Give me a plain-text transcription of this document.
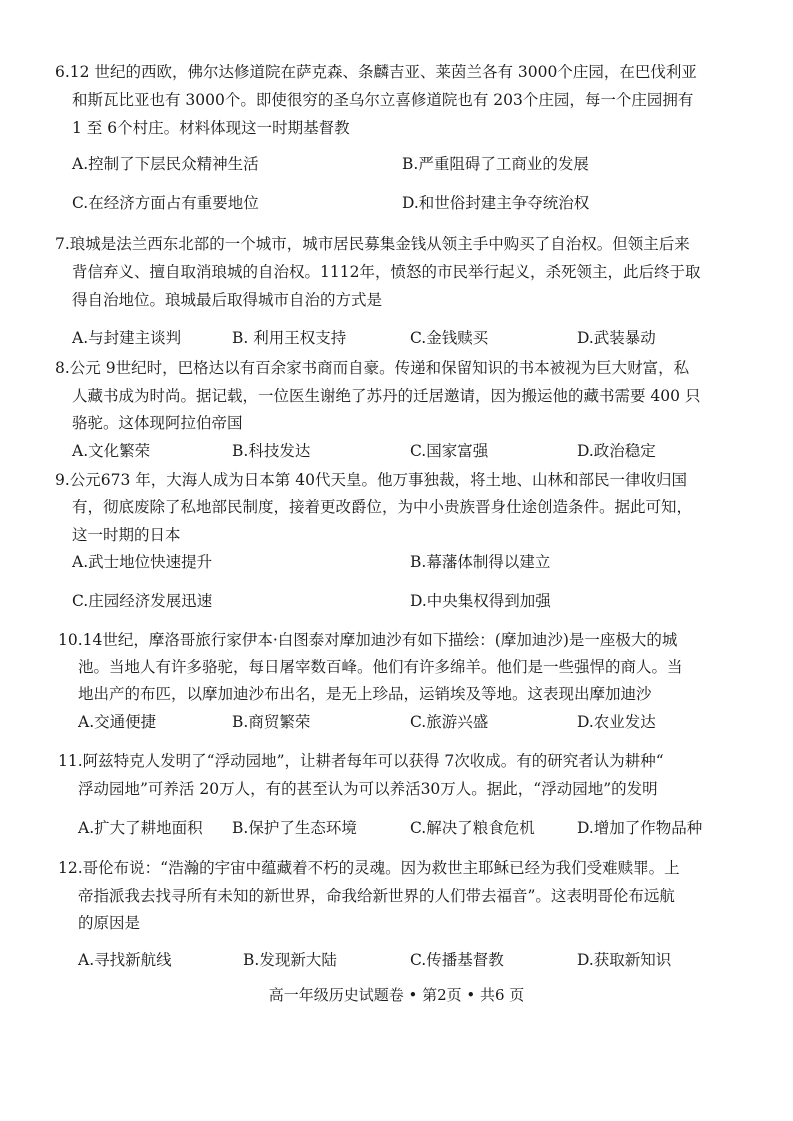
6.12 世纪的西欧，佛尔达修道院在萨克森、条麟吉亚、莱茵兰各有 3000个庄园，在巴伐利亚
和斯瓦比亚也有 3000个。即使很穷的圣乌尔立喜修道院也有 203个庄园，每一个庄园拥有
1 至 6个村庄。材料体现这一时期基督教
A.控制了下层民众精神生活	B.严重阻碍了工商业的发展
C.在经济方面占有重要地位	D.和世俗封建主争夺统治权
7.琅城是法兰西东北部的一个城市，城市居民募集金钱从领主手中购买了自治权。但领主后来
背信弃义、擅自取消琅城的自治权。1112年，愤怒的市民举行起义，杀死领主，此后终于取
得自治地位。琅城最后取得城市自治的方式是
A.与封建主谈判	B. 利用王权支持	C.金钱赎买	D.武装暴动
8.公元 9世纪时，巴格达以有百余家书商而自豪。传递和保留知识的书本被视为巨大财富，私
人藏书成为时尚。据记载，一位医生谢绝了苏丹的迁居邀请，因为搬运他的藏书需要 400 只
骆驼。这体现阿拉伯帝国
A.文化繁荣	B.科技发达	C.国家富强	D.政治稳定
9.公元673 年，大海人成为日本第 40代天皇。他万事独裁，将土地、山林和部民一律收归国
有，彻底废除了私地部民制度，接着更改爵位，为中小贵族晋身仕途创造条件。据此可知，
这一时期的日本
A.武士地位快速提升	B.幕藩体制得以建立
C.庄园经济发展迅速	D.中央集权得到加强
10.14世纪，摩洛哥旅行家伊本·白图泰对摩加迪沙有如下描绘：(摩加迪沙)是一座极大的城
池。当地人有许多骆驼，每日屠宰数百峰。他们有许多绵羊。他们是一些强悍的商人。当
地出产的布匹，以摩加迪沙布出名，是无上珍品，运销埃及等地。这表现出摩加迪沙
A.交通便捷	B.商贸繁荣	C.旅游兴盛	D.农业发达
11.阿兹特克人发明了“浮动园地”，让耕者每年可以获得 7次收成。有的研究者认为耕种“
浮动园地”可养活 20万人，有的甚至认为可以养活30万人。据此，“浮动园地”的发明
A.扩大了耕地面积 B.保护了生态环境	C.解决了粮食危机	D.增加了作物品种
12.哥伦布说：“浩瀚的宇宙中蕴藏着不朽的灵魂。因为救世主耶稣已经为我们受难赎罪。上
帝指派我去找寻所有未知的新世界，命我给新世界的人们带去福音”。这表明哥伦布远航
的原因是
A.寻找新航线	B.发现新大陆	C.传播基督教	D.获取新知识
高一年级历史试题卷 • 第2页 • 共6 页
